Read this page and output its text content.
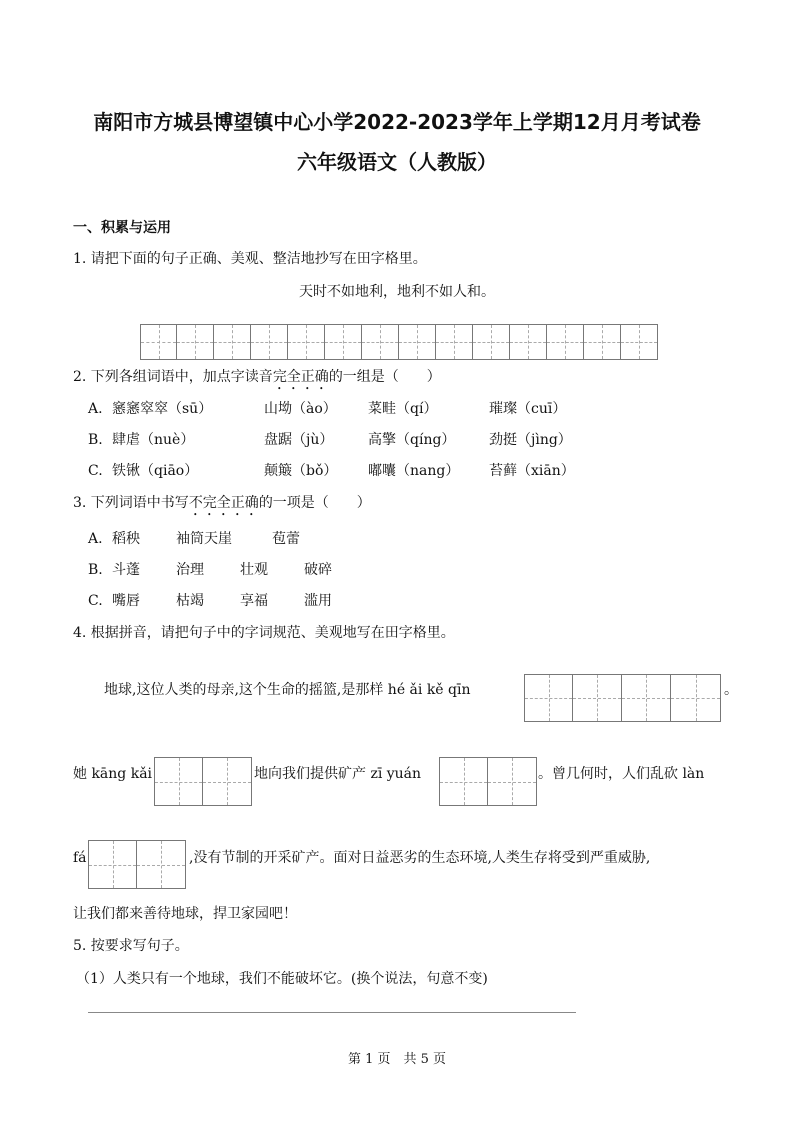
南阳市方城县博望镇中心小学2022-2023学年上学期12月月考试卷
六年级语文（人教版）
一、积累与运用
1. 请把下面的句子正确、美观、整洁地抄写在田字格里。
天时不如地利，地利不如人和。
2. 下列各组词语中，加点字读音完全正确的一组是（　　）
A. 窸窸窣窣（sū）	山坳（ào） 菜畦（qí）	璀璨（cuī）
B. 肆虐（nuè）	盘踞（jù） 高擎（qíng） 劲挺（jìng）
C. 铁锹（qiāo）	颠簸（bǒ） 嘟囔（nang） 苔藓（xiān）
3. 下列词语中书写不完全正确的一项是（　　）
A. 稻秧	袖筒天崖	苞蕾
B. 斗蓬	治理	壮观	破碎
C. 嘴唇	枯竭	享福	滥用
4. 根据拼音，请把句子中的字词规范、美观地写在田字格里。
地球,这位人类的母亲,这个生命的摇篮,是那样 hé ǎi kě qīn	。
她 kāng kǎi	地向我们提供矿产 zī yuán	。曾几何时，人们乱砍 làn
fá	,没有节制的开采矿产。面对日益恶劣的生态环境,人类生存将受到严重威胁,
让我们都来善待地球，捍卫家园吧！
5. 按要求写句子。
（1）人类只有一个地球，我们不能破坏它。(换个说法，句意不变)
第 1 页　共 5 页
